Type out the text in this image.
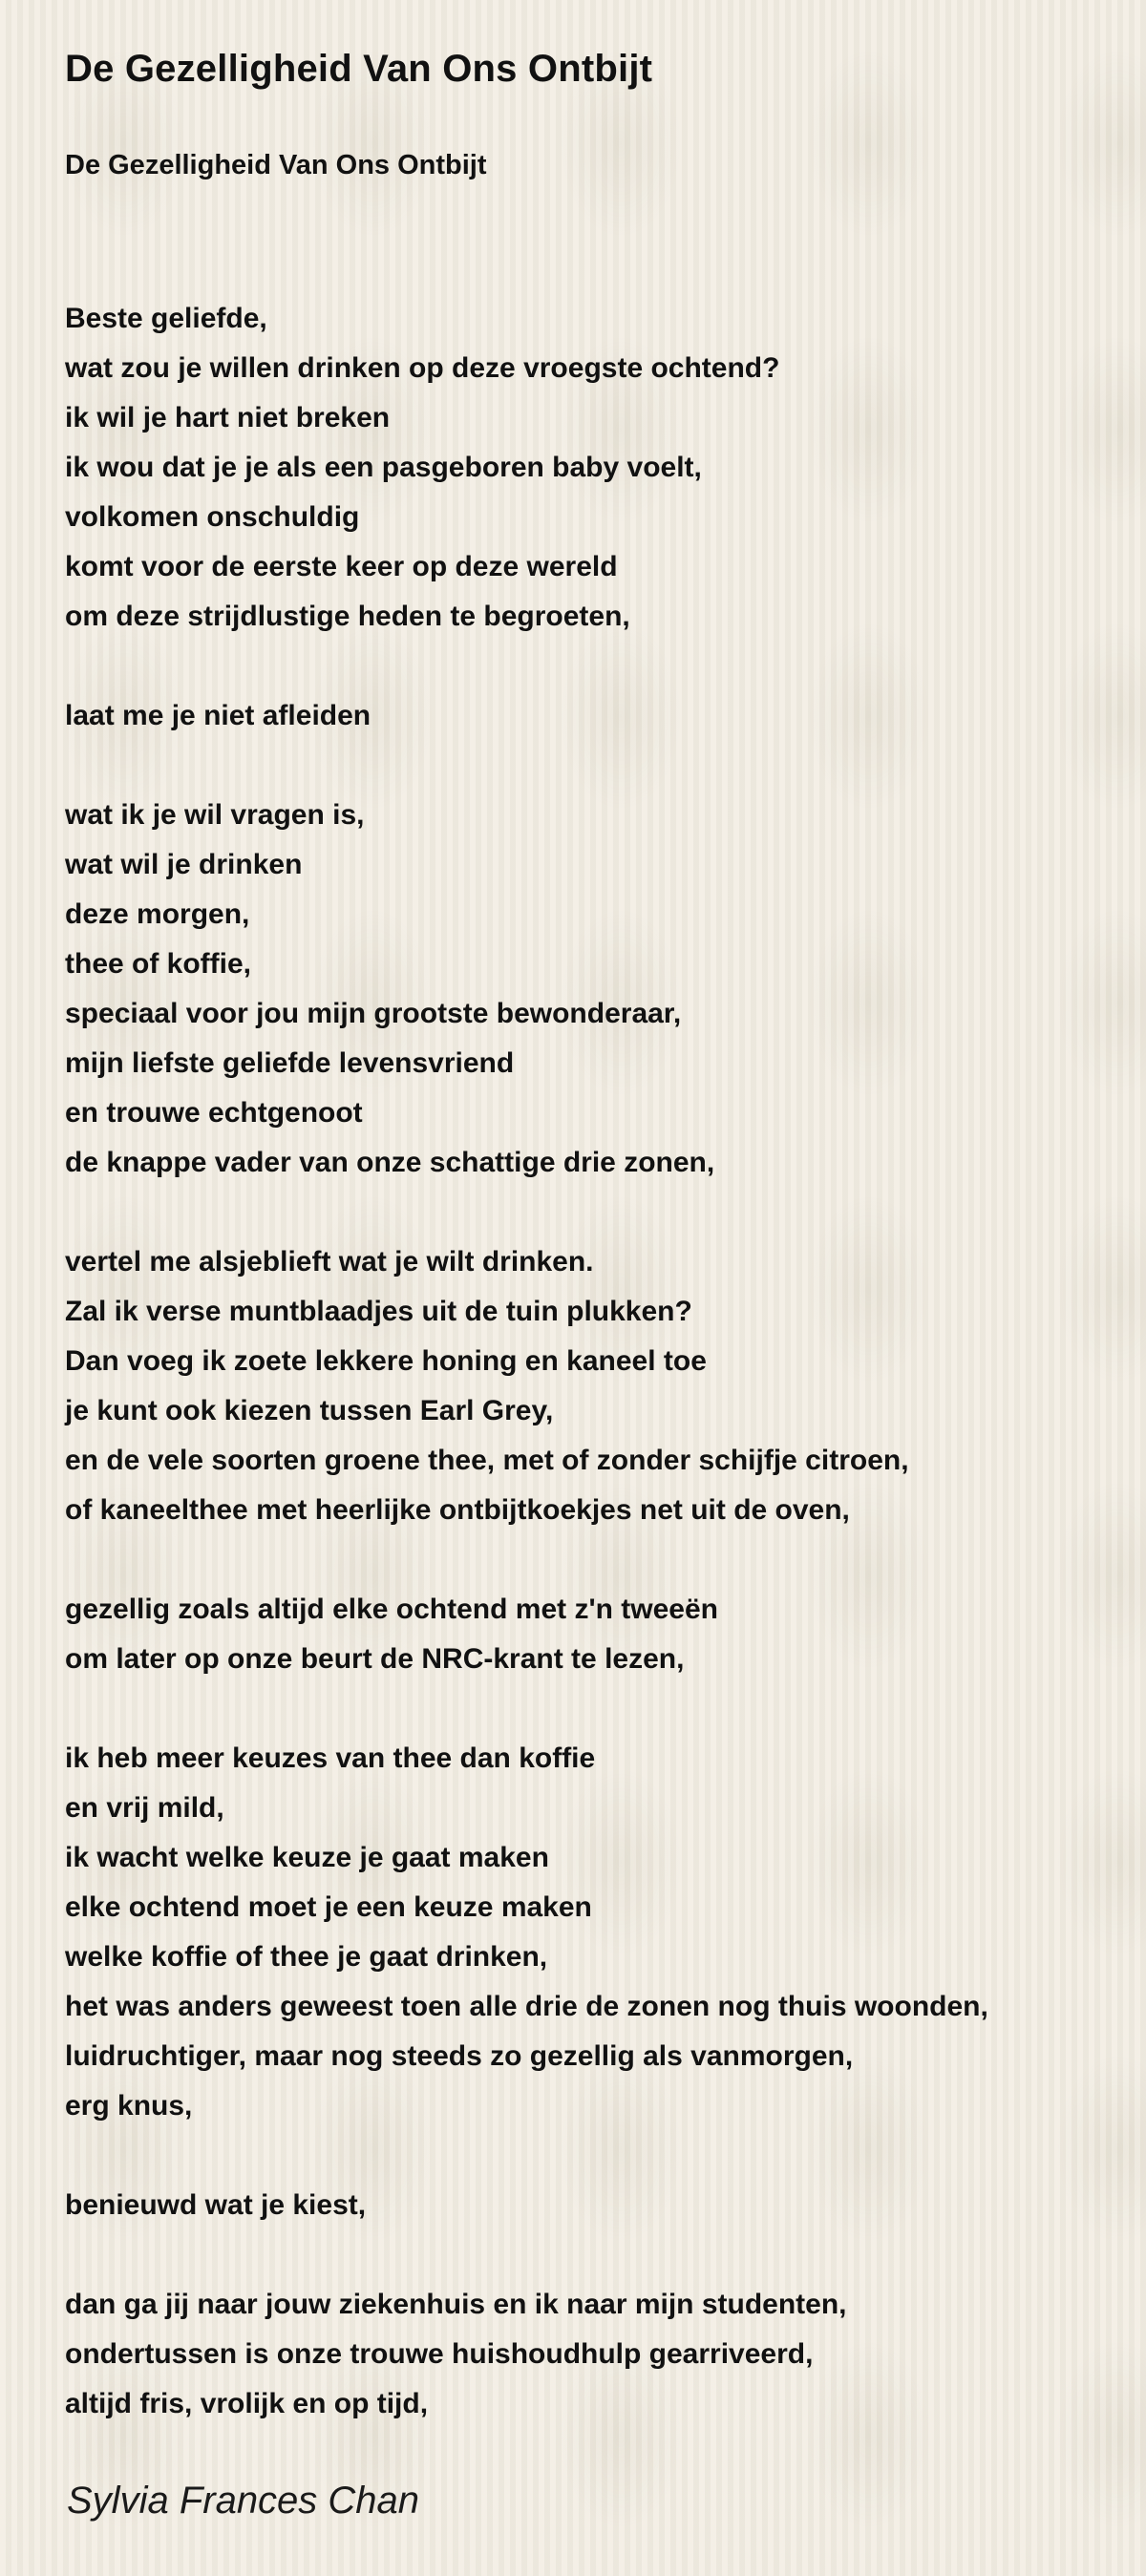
De Gezelligheid Van Ons Ontbijt
De Gezelligheid Van Ons Ontbijt
Beste geliefde,
wat zou je willen drinken op deze vroegste ochtend?
ik wil je hart niet breken
ik wou dat je je als een pasgeboren baby voelt,
volkomen onschuldig
komt voor de eerste keer op deze wereld
om deze strijdlustige heden te begroeten,
laat me je niet afleiden
wat ik je wil vragen is,
wat wil je drinken
deze morgen,
thee of koffie,
speciaal voor jou mijn grootste bewonderaar,
mijn liefste geliefde levensvriend
en trouwe echtgenoot
de knappe vader van onze schattige drie zonen,
vertel me alsjeblieft wat je wilt drinken.
Zal ik verse muntblaadjes uit de tuin plukken?
Dan voeg ik zoete lekkere honing en kaneel toe
je kunt ook kiezen tussen Earl Grey,
en de vele soorten groene thee, met of zonder schijfje citroen,
of kaneelthee met heerlijke ontbijtkoekjes net uit de oven,
gezellig zoals altijd elke ochtend met z'n tweeën
om later op onze beurt de NRC-krant te lezen,
ik heb meer keuzes van thee dan koffie
en vrij mild,
ik wacht welke keuze je gaat maken
elke ochtend moet je een keuze maken
welke koffie of thee je gaat drinken,
het was anders geweest toen alle drie de zonen nog thuis woonden,
luidruchtiger, maar nog steeds zo gezellig als vanmorgen,
erg knus,
benieuwd wat je kiest,
dan ga jij naar jouw ziekenhuis en ik naar mijn studenten,
ondertussen is onze trouwe huishoudhulp gearriveerd,
altijd fris, vrolijk en op tijd,
Sylvia Frances Chan
